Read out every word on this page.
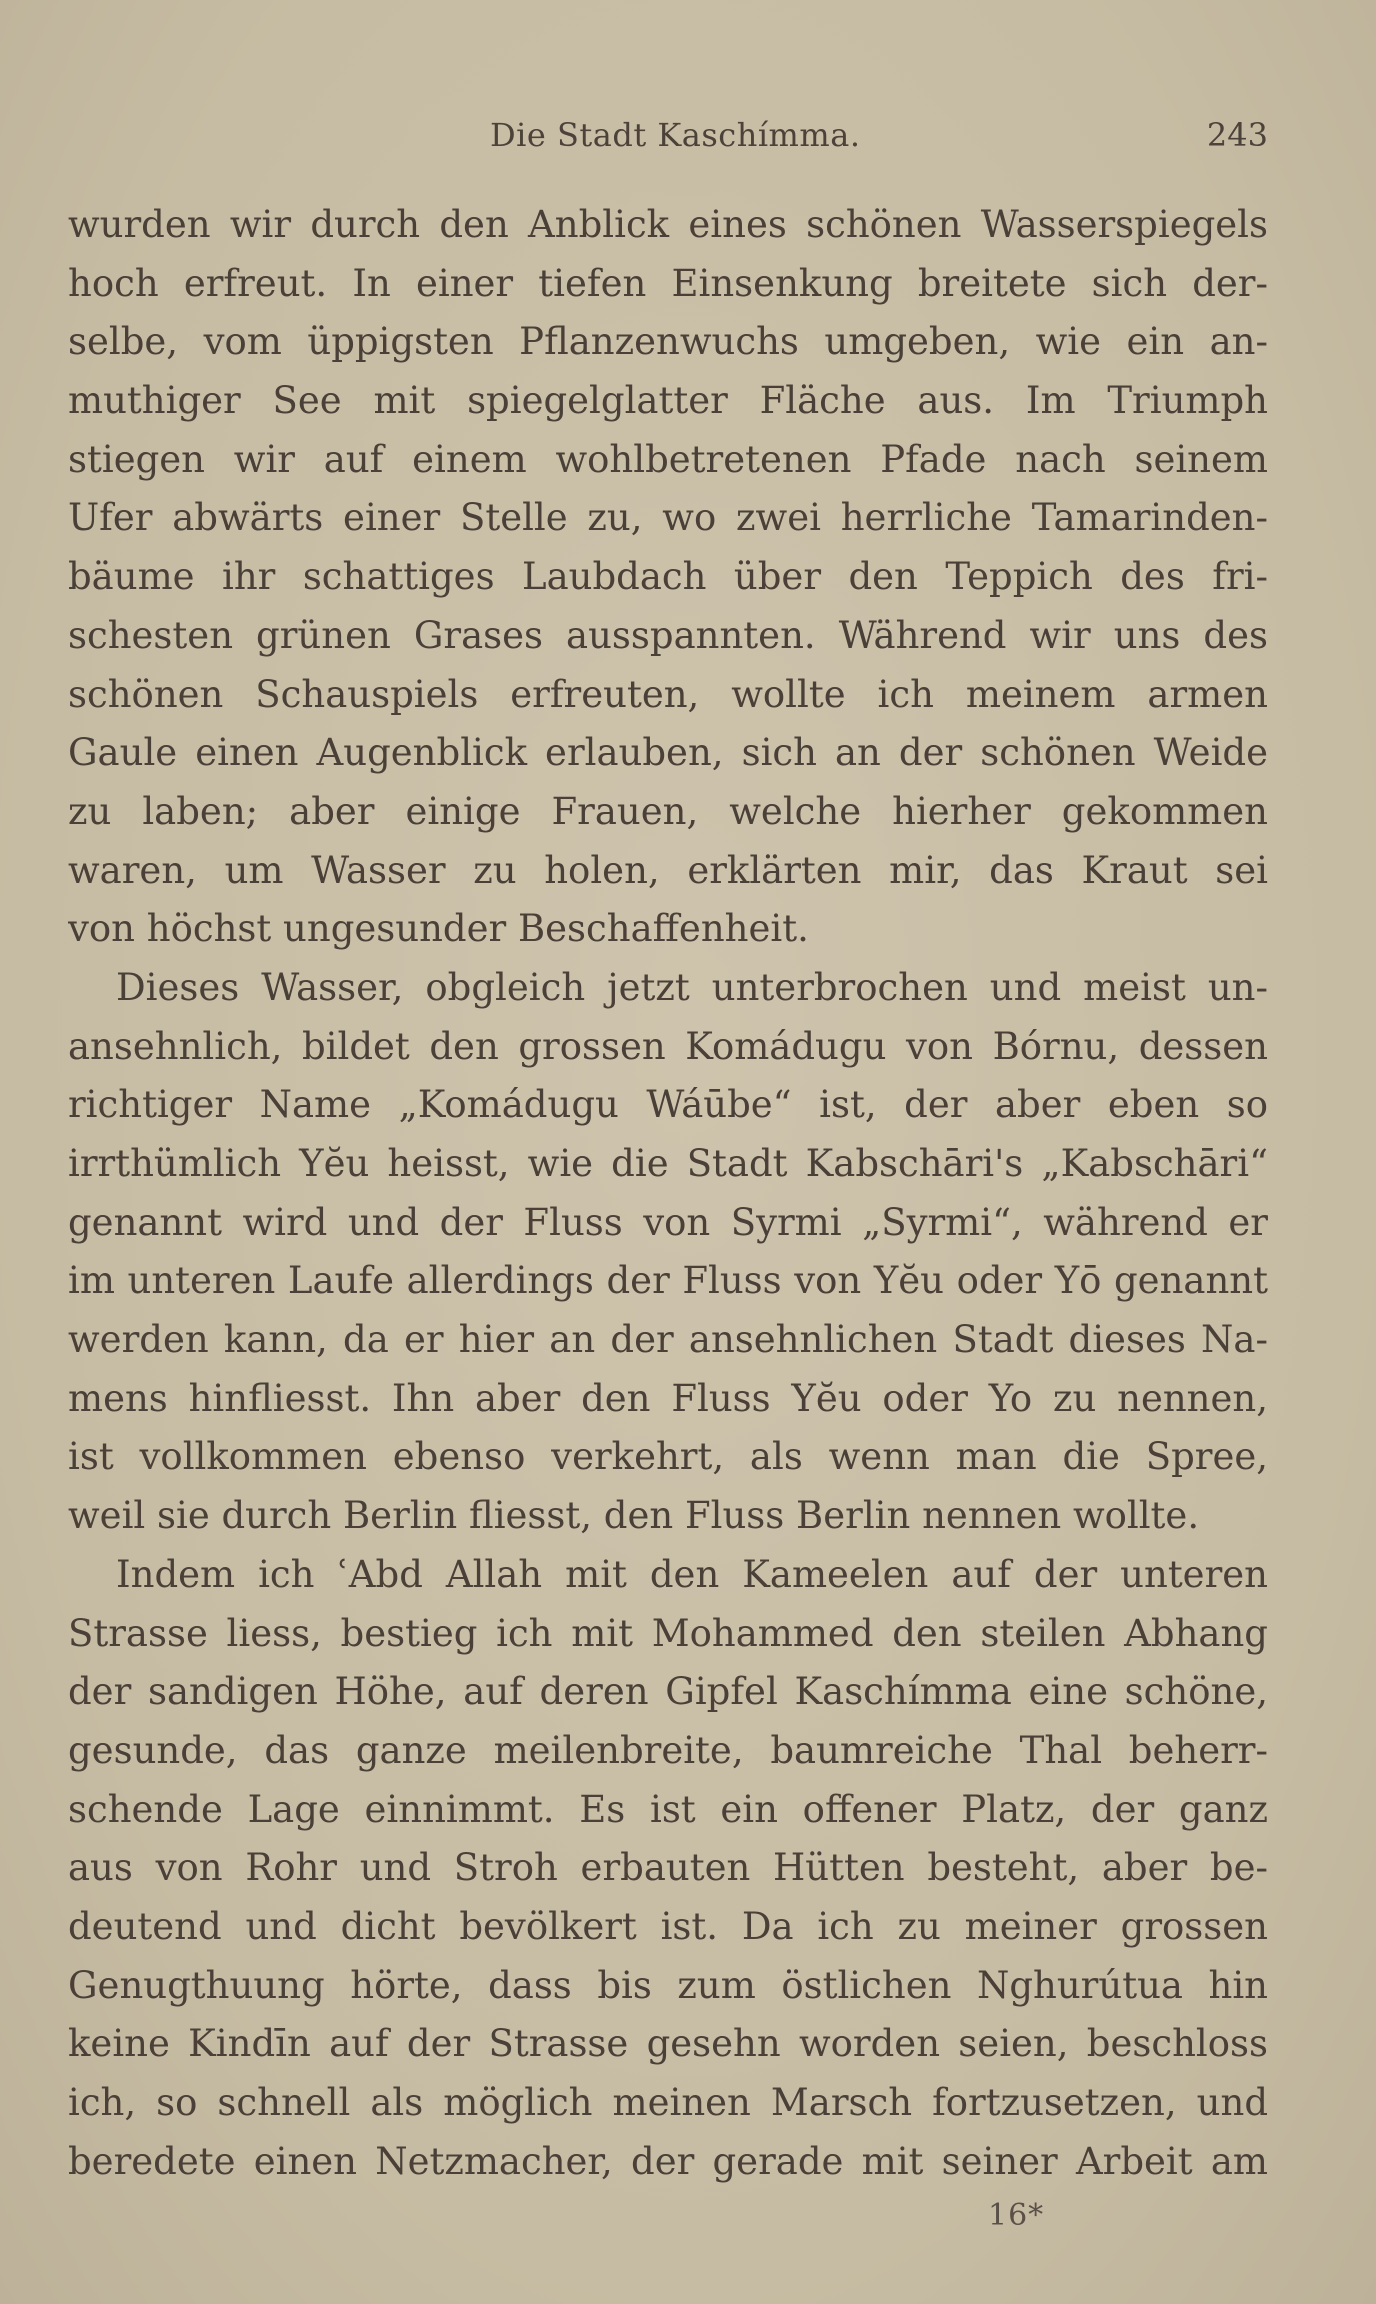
Die Stadt Kaschímma.	243
wurden wir durch den Anblick eines schönen Wasserspiegels
hoch erfreut. In einer tiefen Einsenkung breitete sich der-
selbe, vom üppigsten Pflanzenwuchs umgeben, wie ein an-
muthiger See mit spiegelglatter Fläche aus. Im Triumph
stiegen wir auf einem wohlbetretenen Pfade nach seinem
Ufer abwärts einer Stelle zu, wo zwei herrliche Tamarinden-
bäume ihr schattiges Laubdach über den Teppich des fri-
schesten grünen Grases ausspannten. Während wir uns des
schönen Schauspiels erfreuten, wollte ich meinem armen
Gaule einen Augenblick erlauben, sich an der schönen Weide
zu laben; aber einige Frauen, welche hierher gekommen
waren, um Wasser zu holen, erklärten mir, das Kraut sei
von höchst ungesunder Beschaffenheit.
Dieses Wasser, obgleich jetzt unterbrochen und meist un-
ansehnlich, bildet den grossen Komádugu von Bórnu, dessen
richtiger Name „Komádugu Wáūbe“ ist, der aber eben so
irrthümlich Yĕu heisst, wie die Stadt Kabschāri's „Kabschāri“
genannt wird und der Fluss von Syrmi „Syrmi“, während er
im unteren Laufe allerdings der Fluss von Yĕu oder Yō genannt
werden kann, da er hier an der ansehnlichen Stadt dieses Na-
mens hinfliesst. Ihn aber den Fluss Yĕu oder Yo zu nennen,
ist vollkommen ebenso verkehrt, als wenn man die Spree,
weil sie durch Berlin fliesst, den Fluss Berlin nennen wollte.
Indem ich ʿAbd Allah mit den Kameelen auf der unteren
Strasse liess, bestieg ich mit Mohammed den steilen Abhang
der sandigen Höhe, auf deren Gipfel Kaschímma eine schöne,
gesunde, das ganze meilenbreite, baumreiche Thal beherr-
schende Lage einnimmt. Es ist ein offener Platz, der ganz
aus von Rohr und Stroh erbauten Hütten besteht, aber be-
deutend und dicht bevölkert ist. Da ich zu meiner grossen
Genugthuung hörte, dass bis zum östlichen Nghurútua hin
keine Kindīn auf der Strasse gesehn worden seien, beschloss
ich, so schnell als möglich meinen Marsch fortzusetzen, und
beredete einen Netzmacher, der gerade mit seiner Arbeit am
16*
